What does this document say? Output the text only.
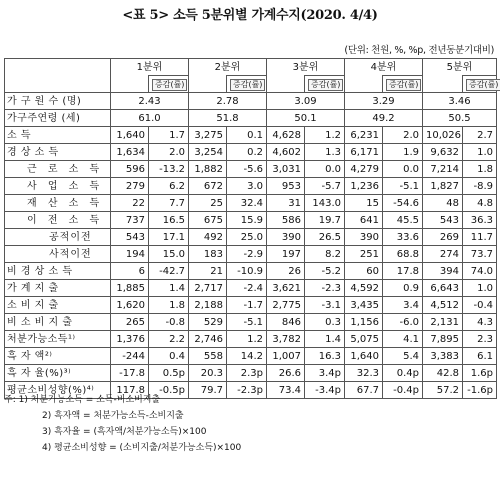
<표 5> 소득 5분위별 가계수지(2020. 4/4)
(단위: 천원, %, %p, 전년동분기대비)
	1분위		2분위		3분위		4분위		5분위	
		증감(률)		증감(률)		증감(률)		증감(률)		증감(률)
가 구 원 수 (명)	2.43		2.78		3.09		3.29		3.46	
가구주연령 (세)	61.0		51.8		50.1		49.2		50.5	
소 득	1,640	1.7	3,275	0.1	4,628	1.2	6,231	2.0	10,026	2.7
경 상 소 득	1,634	2.0	3,254	0.2	4,602	1.3	6,171	1.9	9,632	1.0
근 로 소 득	596	-13.2	1,882	-5.6	3,031	0.0	4,279	0.0	7,214	1.8
사 업 소 득	279	6.2	672	3.0	953	-5.7	1,236	-5.1	1,827	-8.9
재 산 소 득	22	7.7	25	32.4	31	143.0	15	-54.6	48	4.8
이 전 소 득	737	16.5	675	15.9	586	19.7	641	45.5	543	36.3
공적이전	543	17.1	492	25.0	390	26.5	390	33.6	269	11.7
사적이전	194	15.0	183	-2.9	197	8.2	251	68.8	274	73.7
비 경 상 소 득	6	-42.7	21	-10.9	26	-5.2	60	17.8	394	74.0
가 계 지 출	1,885	1.4	2,717	-2.4	3,621	-2.3	4,592	0.9	6,643	1.0
소 비 지 출	1,620	1.8	2,188	-1.7	2,775	-3.1	3,435	3.4	4,512	-0.4
비 소 비 지 출	265	-0.8	529	-5.1	846	0.3	1,156	-6.0	2,131	4.3
처분가능소득¹⁾	1,376	2.2	2,746	1.2	3,782	1.4	5,075	4.1	7,895	2.3
흑 자 액²⁾	-244	0.4	558	14.2	1,007	16.3	1,640	5.4	3,383	6.1
흑 자 율(%)³⁾	-17.8	0.5p	20.3	2.3p	26.6	3.4p	32.3	0.4p	42.8	1.6p
평균소비성향(%)⁴⁾	117.8	-0.5p	79.7	-2.3p	73.4	-3.4p	67.7	-0.4p	57.2	-1.6p
주: 1) 처분가능소득 = 소득-비소비지출
2) 흑자액 = 처분가능소득-소비지출
3) 흑자율 = (흑자액/처분가능소득)×100
4) 평균소비성향 = (소비지출/처분가능소득)×100
